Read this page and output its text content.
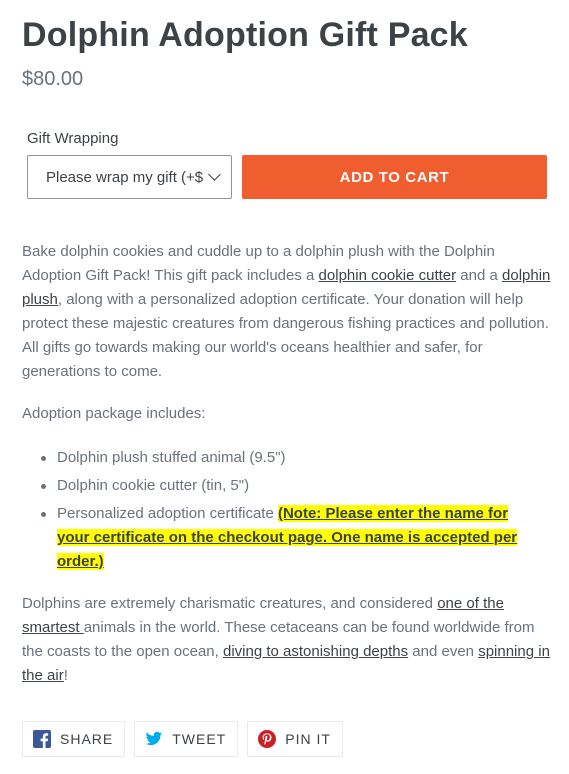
Dolphin Adoption Gift Pack
$80.00
Gift Wrapping
Please wrap my gift (+$	ADD TO CART

Bake dolphin cookies and cuddle up to a dolphin plush with the Dolphin Adoption Gift Pack! This gift pack includes a dolphin cookie cutter and a dolphin plush, along with a personalized adoption certificate. Your donation will help protect these majestic creatures from dangerous fishing practices and pollution. All gifts go towards making our world's oceans healthier and safer, for generations to come.

Adoption package includes:

Dolphin plush stuffed animal (9.5")
Dolphin cookie cutter (tin, 5")
Personalized adoption certificate (Note: Please enter the name for your certificate on the checkout page. One name is accepted per order.)

Dolphins are extremely charismatic creatures, and considered one of the smartest animals in the world. These cetaceans can be found worldwide from the coasts to the open ocean, diving to astonishing depths and even spinning in the air!

SHARE	TWEET	PIN IT
